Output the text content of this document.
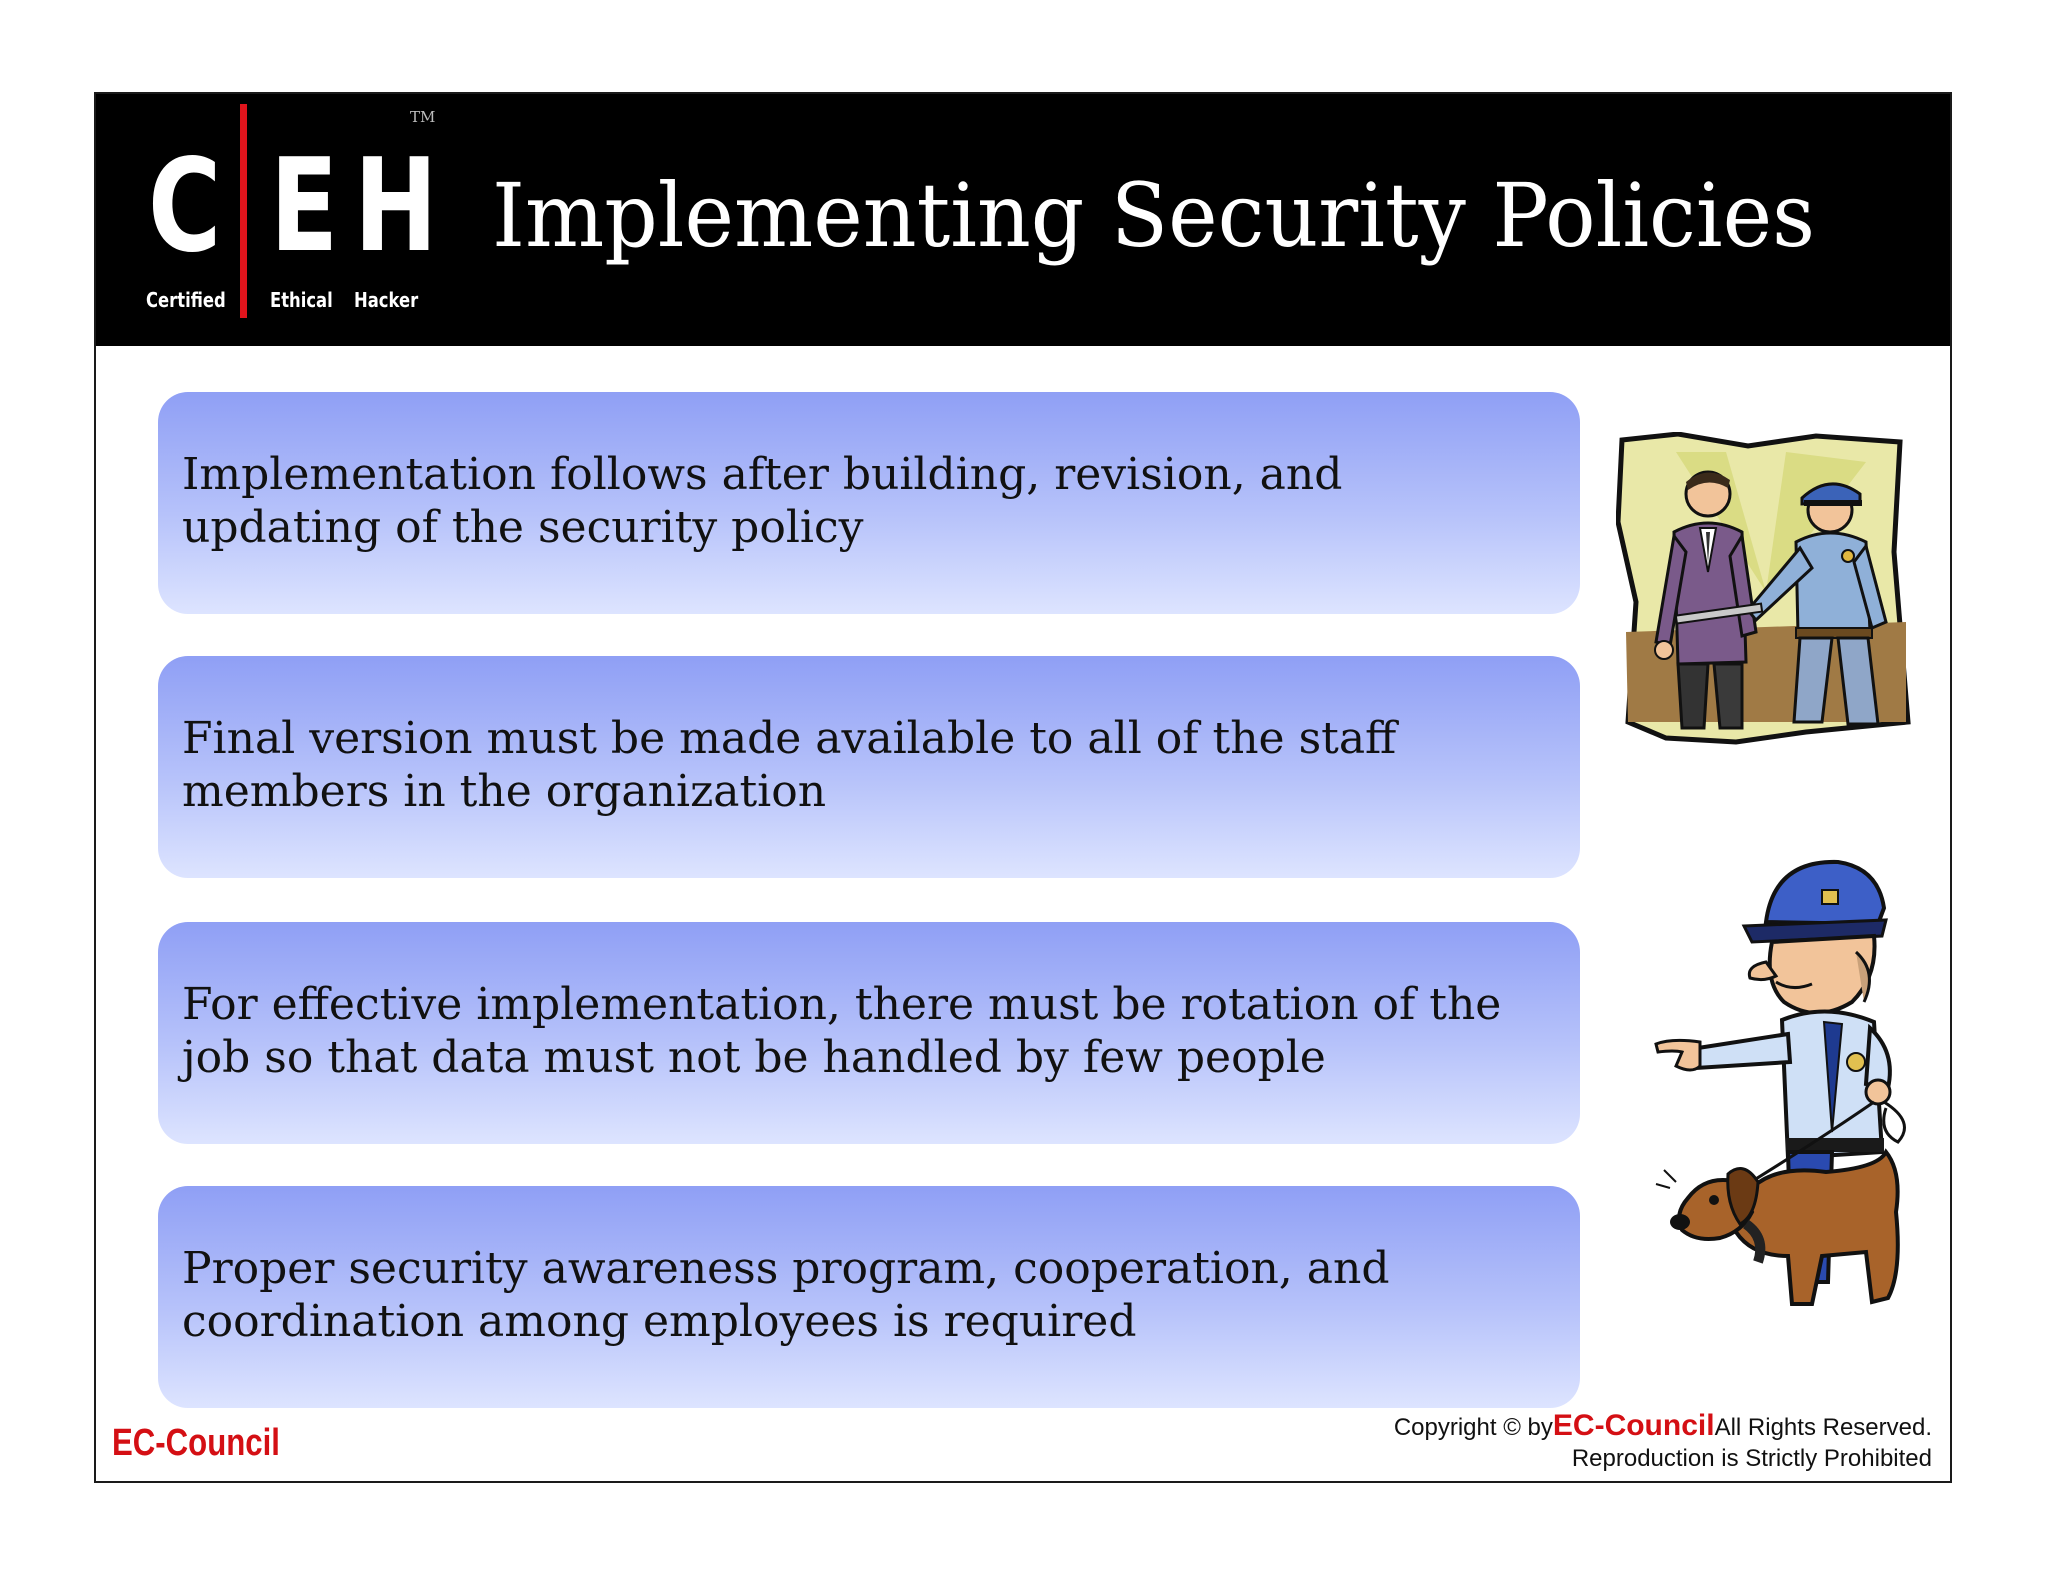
TM
C E H
Certified Ethical Hacker
Implementing Security Policies
Implementation follows after building, revision, and updating of the security policy
Final version must be made available to all of the staff members in the organization
For effective implementation, there must be rotation of the job so that data must not be handled by few people
Proper security awareness program, cooperation, and coordination among employees is required
EC-Council	Copyright © byEC-CouncilAll Rights Reserved.
Reproduction is Strictly Prohibited
